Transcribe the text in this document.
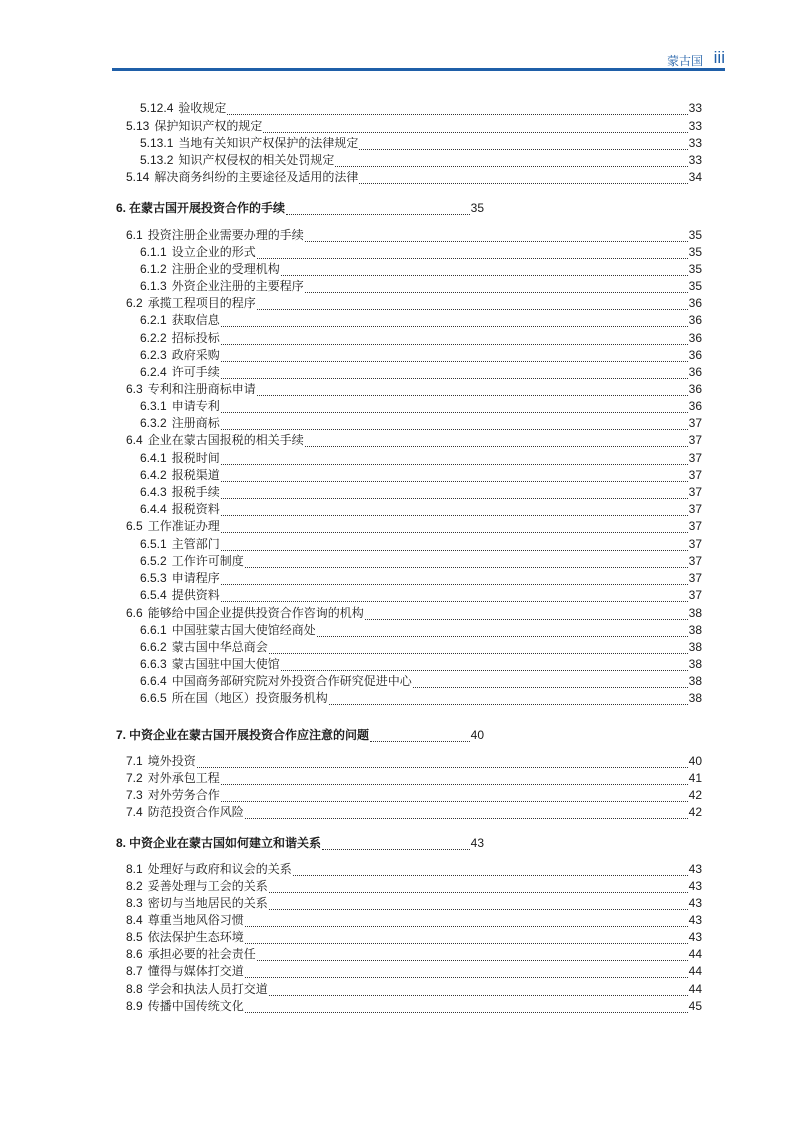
蒙古国 iii
5.12.4 验收规定	33
5.13 保护知识产权的规定	33
5.13.1 当地有关知识产权保护的法律规定	33
5.13.2 知识产权侵权的相关处罚规定	33
5.14 解决商务纠纷的主要途径及适用的法律	34
6. 在蒙古国开展投资合作的手续	35
6.1 投资注册企业需要办理的手续	35
6.1.1 设立企业的形式	35
6.1.2 注册企业的受理机构	35
6.1.3 外资企业注册的主要程序	35
6.2 承揽工程项目的程序	36
6.2.1 获取信息	36
6.2.2 招标投标	36
6.2.3 政府采购	36
6.2.4 许可手续	36
6.3 专利和注册商标申请	36
6.3.1 申请专利	36
6.3.2 注册商标	37
6.4 企业在蒙古国报税的相关手续	37
6.4.1 报税时间	37
6.4.2 报税渠道	37
6.4.3 报税手续	37
6.4.4 报税资料	37
6.5 工作准证办理	37
6.5.1 主管部门	37
6.5.2 工作许可制度	37
6.5.3 申请程序	37
6.5.4 提供资料	37
6.6 能够给中国企业提供投资合作咨询的机构	38
6.6.1 中国驻蒙古国大使馆经商处	38
6.6.2 蒙古国中华总商会	38
6.6.3 蒙古国驻中国大使馆	38
6.6.4 中国商务部研究院对外投资合作研究促进中心	38
6.6.5 所在国（地区）投资服务机构	38
7. 中资企业在蒙古国开展投资合作应注意的问题	40
7.1 境外投资	40
7.2 对外承包工程	41
7.3 对外劳务合作	42
7.4 防范投资合作风险	42
8. 中资企业在蒙古国如何建立和谐关系	43
8.1 处理好与政府和议会的关系	43
8.2 妥善处理与工会的关系	43
8.3 密切与当地居民的关系	43
8.4 尊重当地风俗习惯	43
8.5 依法保护生态环境	43
8.6 承担必要的社会责任	44
8.7 懂得与媒体打交道	44
8.8 学会和执法人员打交道	44
8.9 传播中国传统文化	45
